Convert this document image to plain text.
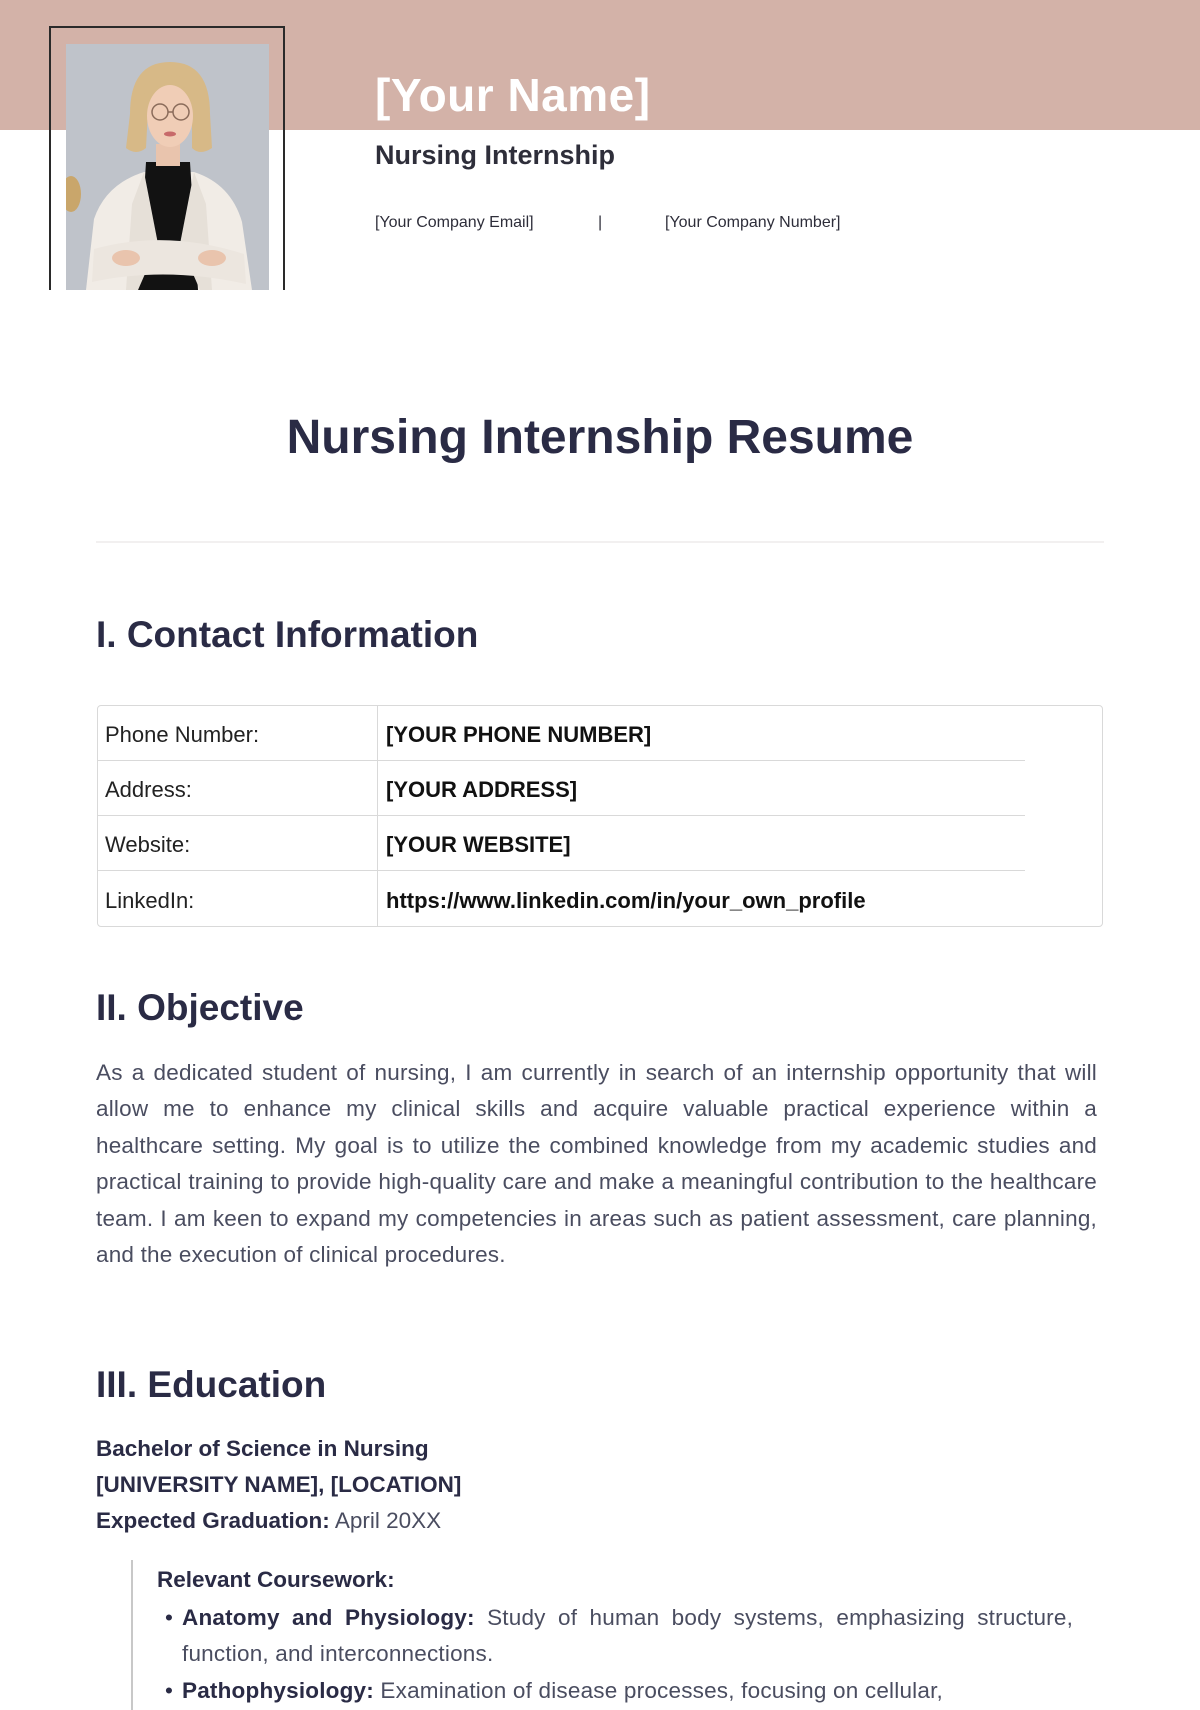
[Your Name]
Nursing Internship
[Your Company Email]	|	[Your Company Number]
Nursing Internship Resume
I. Contact Information
Phone Number:	[YOUR PHONE NUMBER]
Address:	[YOUR ADDRESS]
Website:	[YOUR WEBSITE]
LinkedIn:	https://www.linkedin.com/in/your_own_profile
II. Objective
As a dedicated student of nursing, I am currently in search of an internship opportunity that will allow me to enhance my clinical skills and acquire valuable practical experience within a healthcare setting. My goal is to utilize the combined knowledge from my academic studies and practical training to provide high-quality care and make a meaningful contribution to the healthcare team. I am keen to expand my competencies in areas such as patient assessment, care planning, and the execution of clinical procedures.
III. Education
Bachelor of Science in Nursing
[UNIVERSITY NAME], [LOCATION]
Expected Graduation: April 20XX
Relevant Coursework:
• Anatomy and Physiology: Study of human body systems, emphasizing structure, function, and interconnections.
• Pathophysiology: Examination of disease processes, focusing on cellular,
